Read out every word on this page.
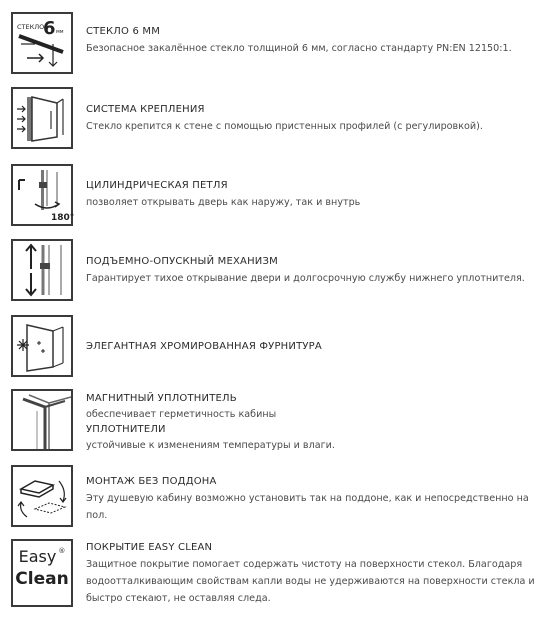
СТЕКЛО
6 мм СТЕКЛО 6 ММ
Безопасное закалённое стекло толщиной 6 мм, согласно стандарту PN:EN 12150:1.
СИСТЕМА КРЕПЛЕНИЯ
Стекло крепится к стене с помощью пристенных профилей (с регулировкой).
180°
ЦИЛИНДРИЧЕСКАЯ ПЕТЛЯ
позволяет открывать дверь как наружу, так и внутрь
ПОДЪЕМНО-ОПУСКНЫЙ МЕХАНИЗМ
Гарантирует тихое открывание двери и долгосрочную службу нижнего уплотнителя.
ЭЛЕГАНТНАЯ ХРОМИРОВАННАЯ ФУРНИТУРА
МАГНИТНЫЙ УПЛОТНИТЕЛЬ
обеспечивает герметичность кабины
УПЛОТНИТЕЛИ
устойчивые к изменениям температуры и влаги.
МОНТАЖ БЕЗ ПОДДОНА
Эту душевую кабину возможно установить так на поддоне, как и непосредственно на пол.
Easy ®
Clean
ПОКРЫТИЕ EASY CLEAN
Защитное покрытие помогает содержать чистоту на поверхности стекол. Благодаря водоотталкивающим свойствам капли воды не удерживаются на поверхности стекла и быстро стекают, не оставляя следа.
